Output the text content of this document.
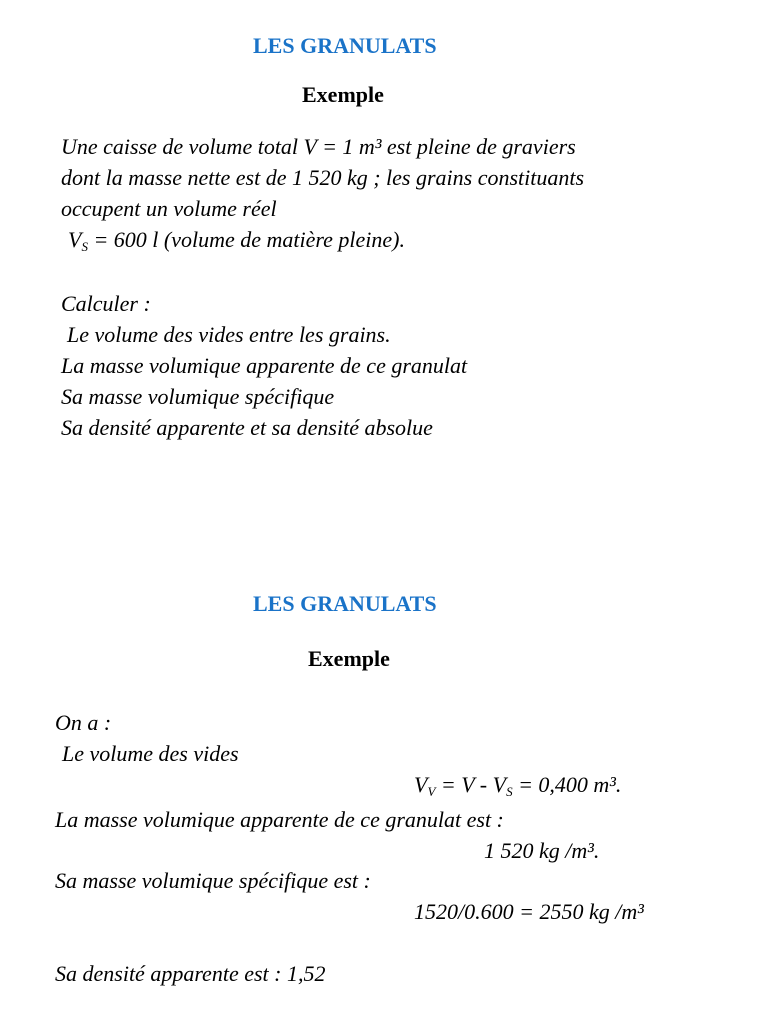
LES GRANULATS
Exemple
Une caisse de volume total V = 1 m³ est pleine de graviers
dont la masse nette est de 1 520 kg ; les grains constituants
occupent un volume réel
$V_S = 600$ l (volume de matière pleine).
Calculer :
Le volume des vides entre les grains.
La masse volumique apparente de ce granulat
Sa masse volumique spécifique
Sa densité apparente et sa densité absolue
LES GRANULATS
Exemple
On a :
Le volume des vides
$V_V = V - V_S = 0,400$ m³.
La masse volumique apparente de ce granulat est :
1 520 kg /m³.
Sa masse volumique spécifique est :
1520/0.600 = 2550 kg /m³
Sa densité apparente est : 1,52
